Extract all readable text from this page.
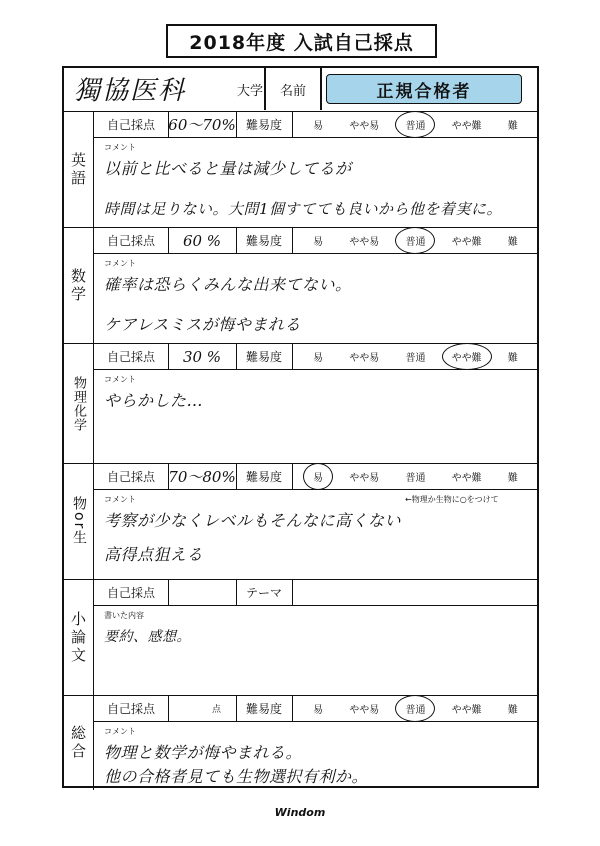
2018年度 入試自己採点
獨協医科	大学	名前	正規合格者
英語
自己採点 60〜70% 難易度	易	やや易	普通	やや難	難
コメント
以前と比べると量は減少してるが
時間は足りない。大問1個すてても良いから他を着実に。
数学
自己採点	60 %	難易度	易	やや易	普通	やや難	難
コメント
確率は恐らくみんな出来てない。
ケアレスミスが悔やまれる
物理化学
自己採点	30 %	難易度	易	やや易	普通	やや難	難
コメント
やらかした…
物or生
自己採点 70〜80% 難易度	易	やや易	普通	やや難	難
コメント	←物理か生物に○をつけて
考察が少なくレベルもそんなに高くない
高得点狙える
小論文
自己採点	テーマ
書いた内容
要約、感想。
総合
自己採点	点	難易度	易	やや易	普通	やや難	難
コメント
物理と数学が悔やまれる。
他の合格者見ても生物選択有利か。
Windom
